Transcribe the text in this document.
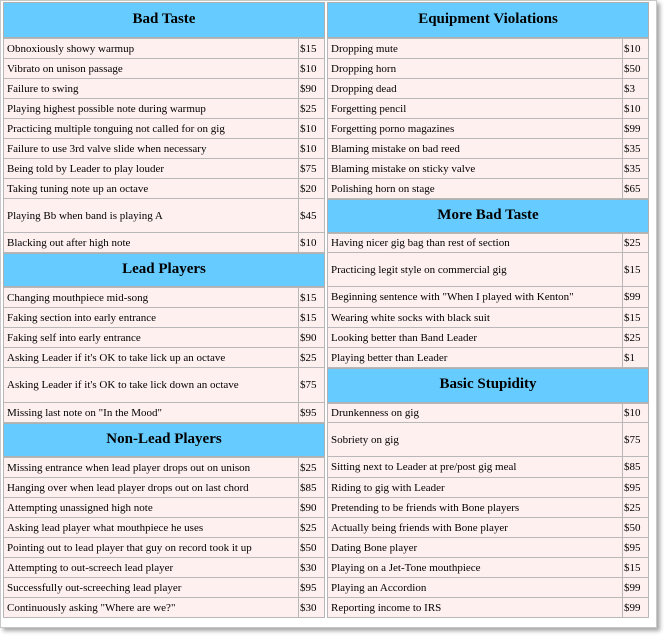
Bad Taste
Obnoxiously showy warmup	$15
Vibrato on unison passage	$10
Failure to swing	$90
Playing highest possible note during warmup	$25
Practicing multiple tonguing not called for on gig	$10
Failure to use 3rd valve slide when necessary	$10
Being told by Leader to play louder	$75
Taking tuning note up an octave	$20
Playing Bb when band is playing A	$45
Blacking out after high note	$10
Lead Players
Changing mouthpiece mid-song	$15
Faking section into early entrance	$15
Faking self into early entrance	$90
Asking Leader if it's OK to take lick up an octave	$25
Asking Leader if it's OK to take lick down an octave	$75
Missing last note on "In the Mood"	$95
Non-Lead Players
Missing entrance when lead player drops out on unison	$25
Hanging over when lead player drops out on last chord	$85
Attempting unassigned high note	$90
Asking lead player what mouthpiece he uses	$25
Pointing out to lead player that guy on record took it up	$50
Attempting to out-screech lead player	$30
Successfully out-screeching lead player	$95
Continuously asking "Where are we?"	$30
Equipment Violations
Dropping mute	$10
Dropping horn	$50
Dropping dead	$3
Forgetting pencil	$10
Forgetting porno magazines	$99
Blaming mistake on bad reed	$35
Blaming mistake on sticky valve	$35
Polishing horn on stage	$65
More Bad Taste
Having nicer gig bag than rest of section	$25
Practicing legit style on commercial gig	$15
Beginning sentence with "When I played with Kenton"	$99
Wearing white socks with black suit	$15
Looking better than Band Leader	$25
Playing better than Leader	$1
Basic Stupidity
Drunkenness on gig	$10
Sobriety on gig	$75
Sitting next to Leader at pre/post gig meal	$85
Riding to gig with Leader	$95
Pretending to be friends with Bone players	$25
Actually being friends with Bone player	$50
Dating Bone player	$95
Playing on a Jet-Tone mouthpiece	$15
Playing an Accordion	$99
Reporting income to IRS	$99
